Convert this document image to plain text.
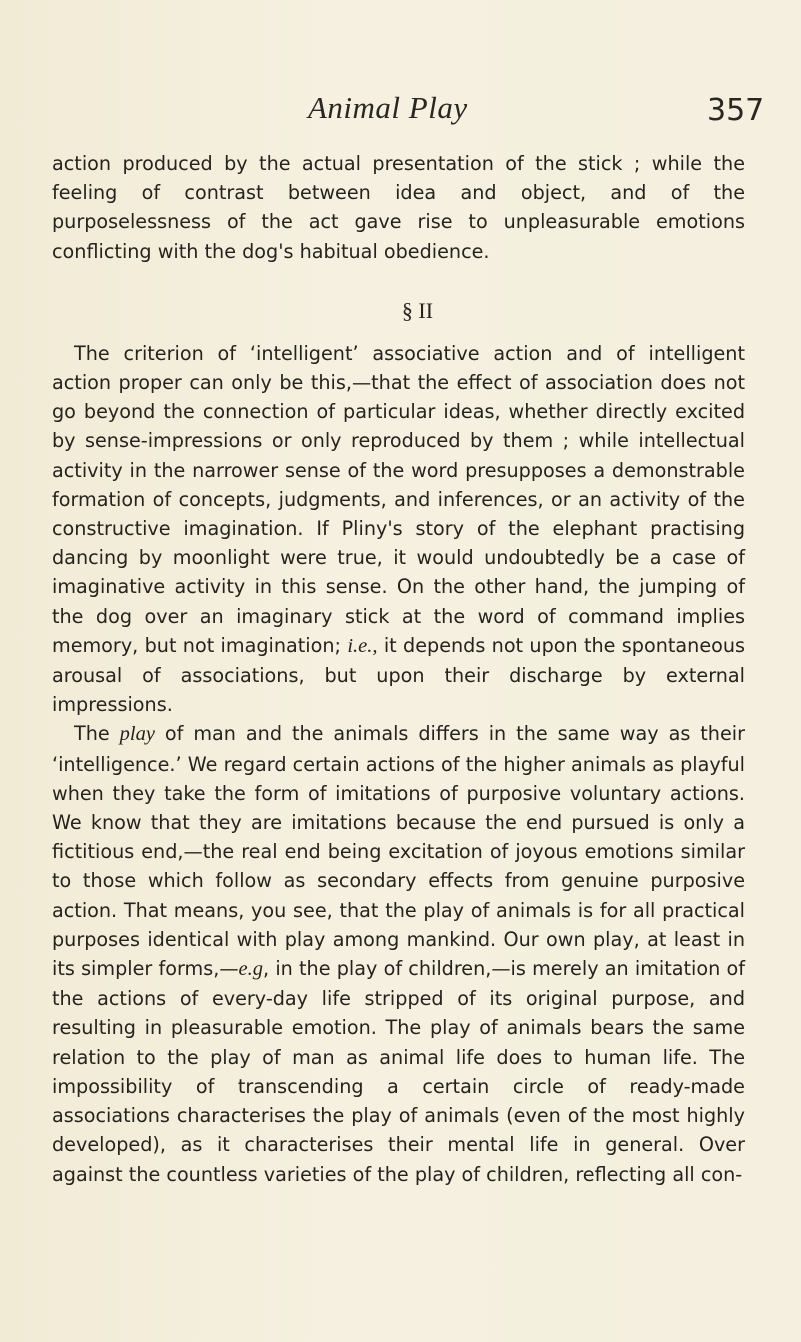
Animal Play	357

action produced by the actual presentation of the stick ; while the feeling of contrast between idea and object, and of the purposelessness of the act gave rise to unpleasurable emotions conflicting with the dog's habitual obedience.

§ II

The criterion of ‘intelligent’ associative action and of intelligent action proper can only be this,—that the effect of association does not go beyond the connection of particular ideas, whether directly excited by sense-impressions or only reproduced by them ; while intellectual activity in the narrower sense of the word presupposes a demonstrable formation of concepts, judgments, and inferences, or an activity of the constructive imagination. If Pliny's story of the elephant practising dancing by moonlight were true, it would undoubtedly be a case of imaginative activity in this sense. On the other hand, the jumping of the dog over an imaginary stick at the word of command implies memory, but not imagination; i.e., it depends not upon the spontaneous arousal of associations, but upon their discharge by external impressions.

The play of man and the animals differs in the same way as their ‘intelligence.’ We regard certain actions of the higher animals as playful when they take the form of imitations of purposive voluntary actions. We know that they are imitations because the end pursued is only a fictitious end,—the real end being excitation of joyous emotions similar to those which follow as secondary effects from genuine purposive action. That means, you see, that the play of animals is for all practical purposes identical with play among mankind. Our own play, at least in its simpler forms,—e.g, in the play of children,—is merely an imitation of the actions of every-day life stripped of its original purpose, and resulting in pleasurable emotion. The play of animals bears the same relation to the play of man as animal life does to human life. The impossibility of transcending a certain circle of ready-made associations characterises the play of animals (even of the most highly developed), as it characterises their mental life in general. Over against the countless varieties of the play of children, reflecting all con-
